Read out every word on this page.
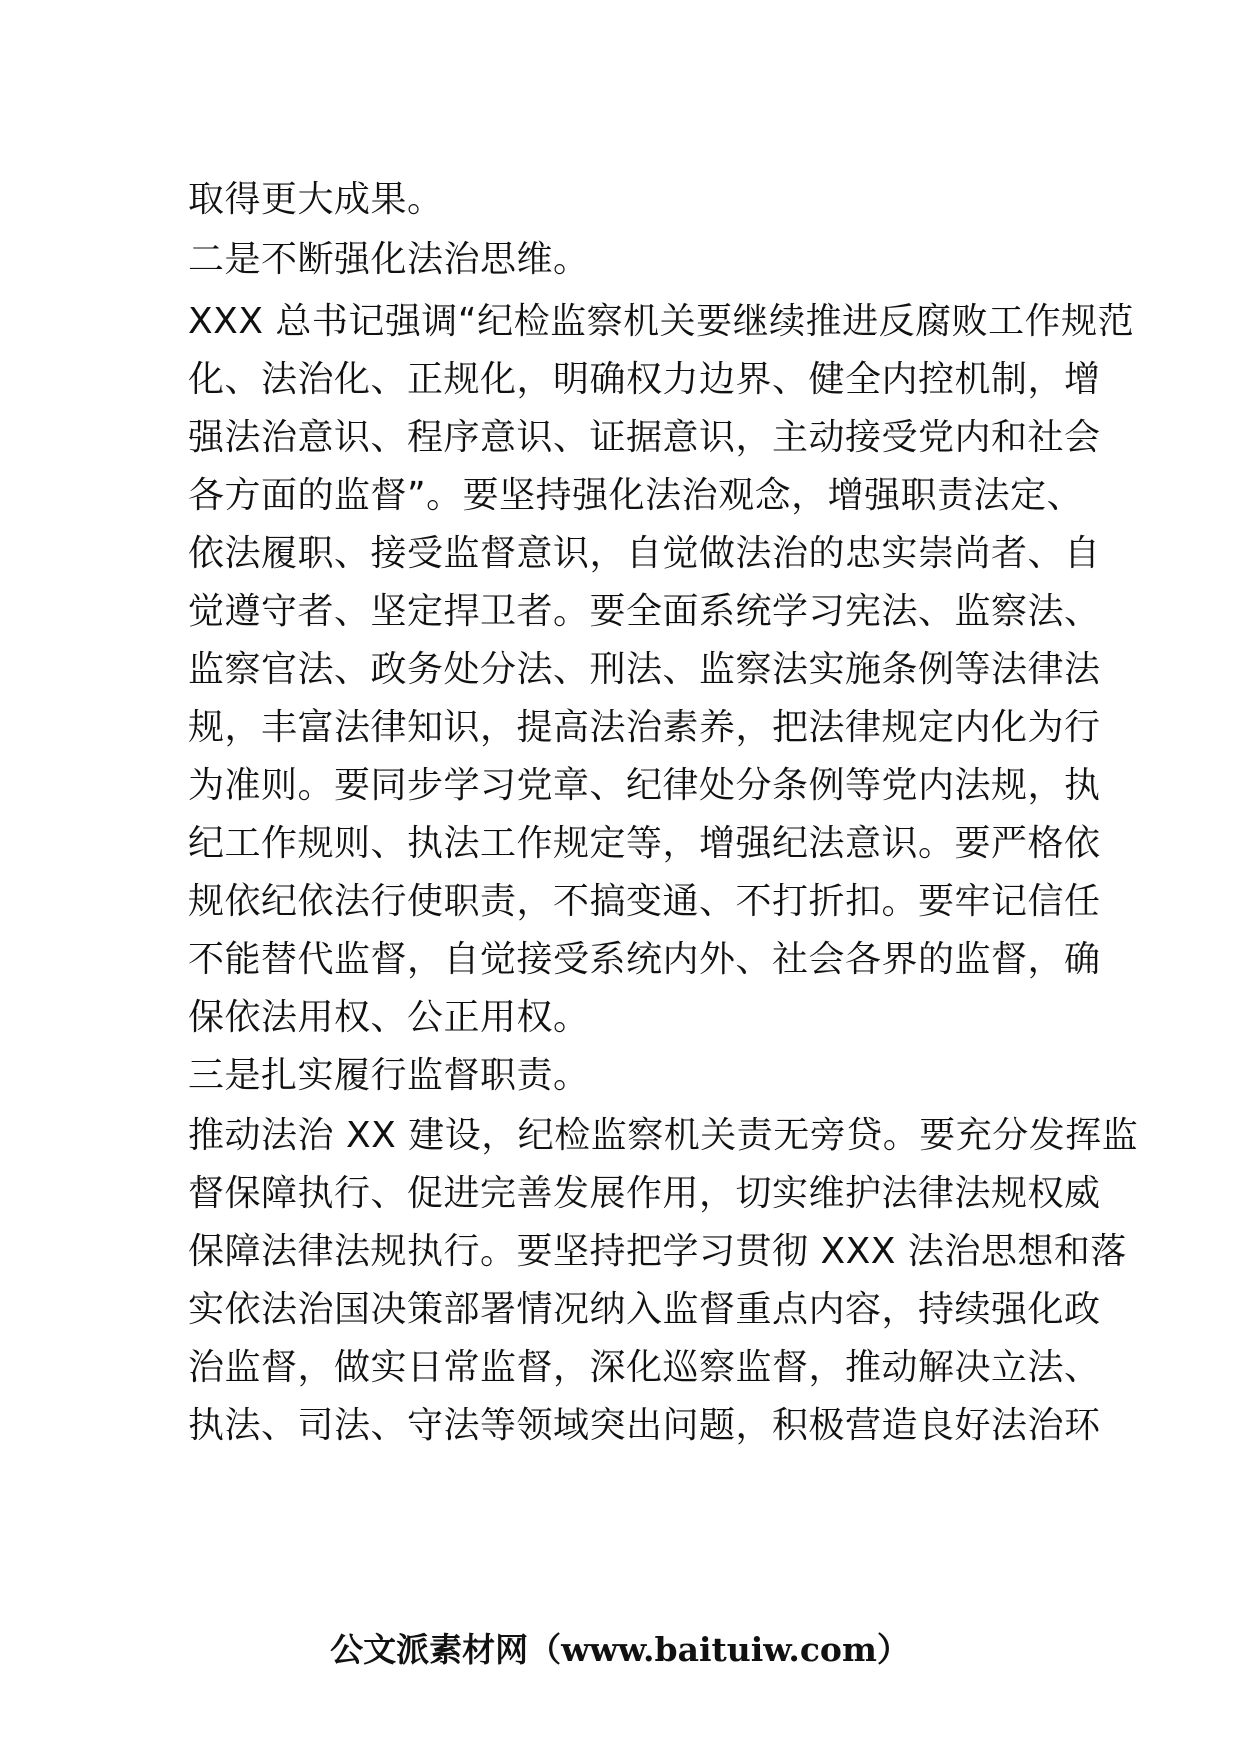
取得更大成果。
二是不断强化法治思维。
XXX 总书记强调“纪检监察机关要继续推进反腐败工作规范
化、法治化、正规化，明确权力边界、健全内控机制，增
强法治意识、程序意识、证据意识，主动接受党内和社会
各方面的监督”。要坚持强化法治观念，增强职责法定、
依法履职、接受监督意识，自觉做法治的忠实崇尚者、自
觉遵守者、坚定捍卫者。要全面系统学习宪法、监察法、
监察官法、政务处分法、刑法、监察法实施条例等法律法
规，丰富法律知识，提高法治素养，把法律规定内化为行
为准则。要同步学习党章、纪律处分条例等党内法规，执
纪工作规则、执法工作规定等，增强纪法意识。要严格依
规依纪依法行使职责，不搞变通、不打折扣。要牢记信任
不能替代监督，自觉接受系统内外、社会各界的监督，确
保依法用权、公正用权。
三是扎实履行监督职责。
推动法治 XX 建设，纪检监察机关责无旁贷。要充分发挥监
督保障执行、促进完善发展作用，切实维护法律法规权威
保障法律法规执行。要坚持把学习贯彻 XXX 法治思想和落
实依法治国决策部署情况纳入监督重点内容，持续强化政
治监督，做实日常监督，深化巡察监督，推动解决立法、
执法、司法、守法等领域突出问题，积极营造良好法治环
公文派素材网（www.baituiw.com）
